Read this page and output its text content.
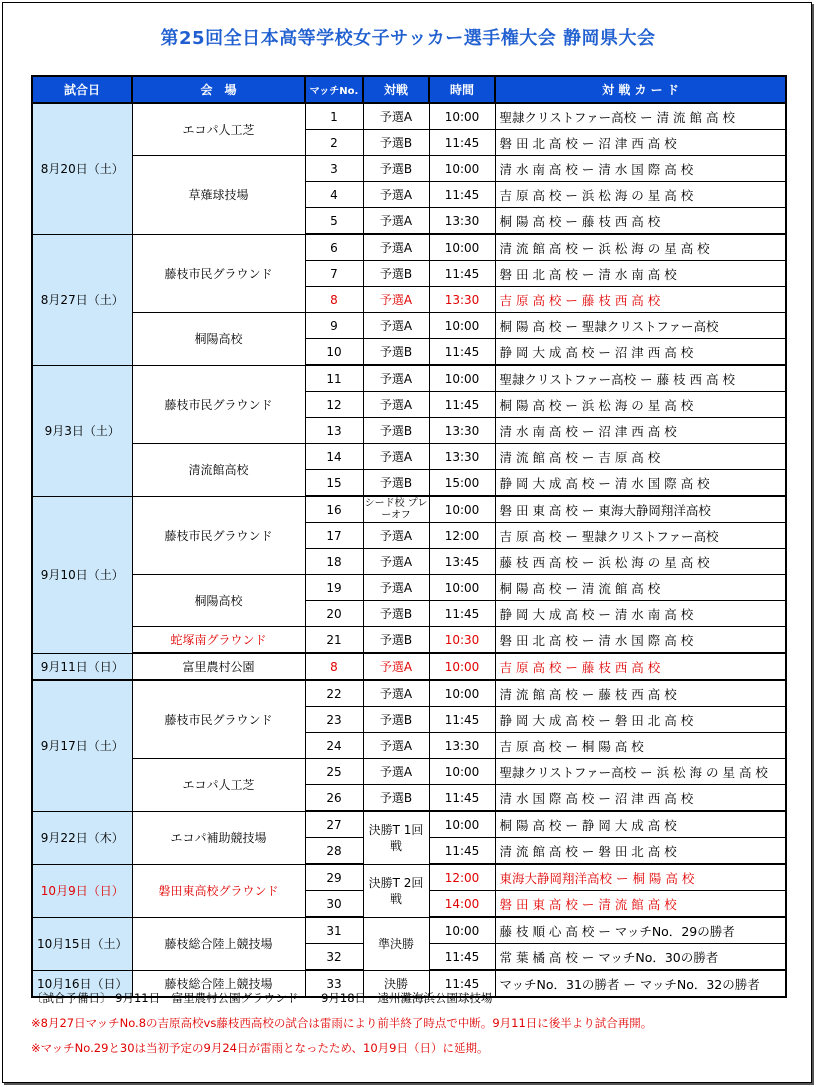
第25回全日本高等学校女子サッカー選手権大会 静岡県大会
試合日	会　場	マッチNo.	対戦	時間	対 戦 カ ー ド
8月20日（土）	エコパ人工芝	1	予選A	10:00	聖隷クリストファー高校 ー 清 流 館 高 校
		2	予選B	11:45	磐 田 北 高 校 ー 沼 津 西 高 校
	草薙球技場	3	予選B	10:00	清 水 南 高 校 ー 清 水 国 際 高 校
		4	予選A	11:45	吉 原 高 校 ー 浜 松 海 の 星 高 校
		5	予選A	13:30	桐 陽 高 校 ー 藤 枝 西 高 校
8月27日（土）	藤枝市民グラウンド	6	予選A	10:00	清 流 館 高 校 ー 浜 松 海 の 星 高 校
		7	予選B	11:45	磐 田 北 高 校 ー 清 水 南 高 校
		8	予選A	13:30	吉 原 高 校 ー 藤 枝 西 高 校
	桐陽高校	9	予選A	10:00	桐 陽 高 校 ー 聖隷クリストファー高校
		10	予選B	11:45	静 岡 大 成 高 校 ー 沼 津 西 高 校
9月3日（土）	藤枝市民グラウンド	11	予選A	10:00	聖隷クリストファー高校 ー 藤 枝 西 高 校
		12	予選A	11:45	桐 陽 高 校 ー 浜 松 海 の 星 高 校
		13	予選B	13:30	清 水 南 高 校 ー 沼 津 西 高 校
	清流館高校	14	予選A	13:30	清 流 館 高 校 ー 吉 原 高 校
		15	予選B	15:00	静 岡 大 成 高 校 ー 清 水 国 際 高 校
9月10日（土）	藤枝市民グラウンド	16	シード校 プレーオフ	10:00	磐 田 東 高 校 ー 東海大静岡翔洋高校
		17	予選A	12:00	吉 原 高 校 ー 聖隷クリストファー高校
		18	予選A	13:45	藤 枝 西 高 校 ー 浜 松 海 の 星 高 校
	桐陽高校	19	予選A	10:00	桐 陽 高 校 ー 清 流 館 高 校
		20	予選B	11:45	静 岡 大 成 高 校 ー 清 水 南 高 校
	蛇塚南グラウンド	21	予選B	10:30	磐 田 北 高 校 ー 清 水 国 際 高 校
9月11日（日）	富里農村公園	8	予選A	10:00	吉 原 高 校 ー 藤 枝 西 高 校
9月17日（土）	藤枝市民グラウンド	22	予選A	10:00	清 流 館 高 校 ー 藤 枝 西 高 校
		23	予選B	11:45	静 岡 大 成 高 校 ー 磐 田 北 高 校
		24	予選A	13:30	吉 原 高 校 ー 桐 陽 高 校
	エコパ人工芝	25	予選A	10:00	聖隷クリストファー高校 ー 浜 松 海 の 星 高 校
		26	予選B	11:45	清 水 国 際 高 校 ー 沼 津 西 高 校
9月22日（木）	エコパ補助競技場	27	決勝T 1回戦	10:00	桐 陽 高 校 ー 静 岡 大 成 高 校
		28		11:45	清 流 館 高 校 ー 磐 田 北 高 校
10月9日（日）	磐田東高校グラウンド	29	決勝T 2回戦	12:00	東海大静岡翔洋高校 ー 桐 陽 高 校
		30		14:00	磐 田 東 高 校 ー 清 流 館 高 校
10月15日（土）	藤枝総合陸上競技場	31	準決勝	10:00	藤 枝 順 心 高 校 ー マッチNo．29の勝者
		32		11:45	常 葉 橘 高 校 ー マッチNo．30の勝者
10月16日（日）	藤枝総合陸上競技場	33	決勝	11:45	マッチNo．31の勝者 ー マッチNo．32の勝者
〔試合予備日〕 9月11日　富里農村公園グラウンド　　9月18日　遠州灘海浜公園球技場
※8月27日マッチNo.8の吉原高校vs藤枝西高校の試合は雷雨により前半終了時点で中断。9月11日に後半より試合再開。
※マッチNo.29と30は当初予定の9月24日が雷雨となったため、10月9日（日）に延期。
